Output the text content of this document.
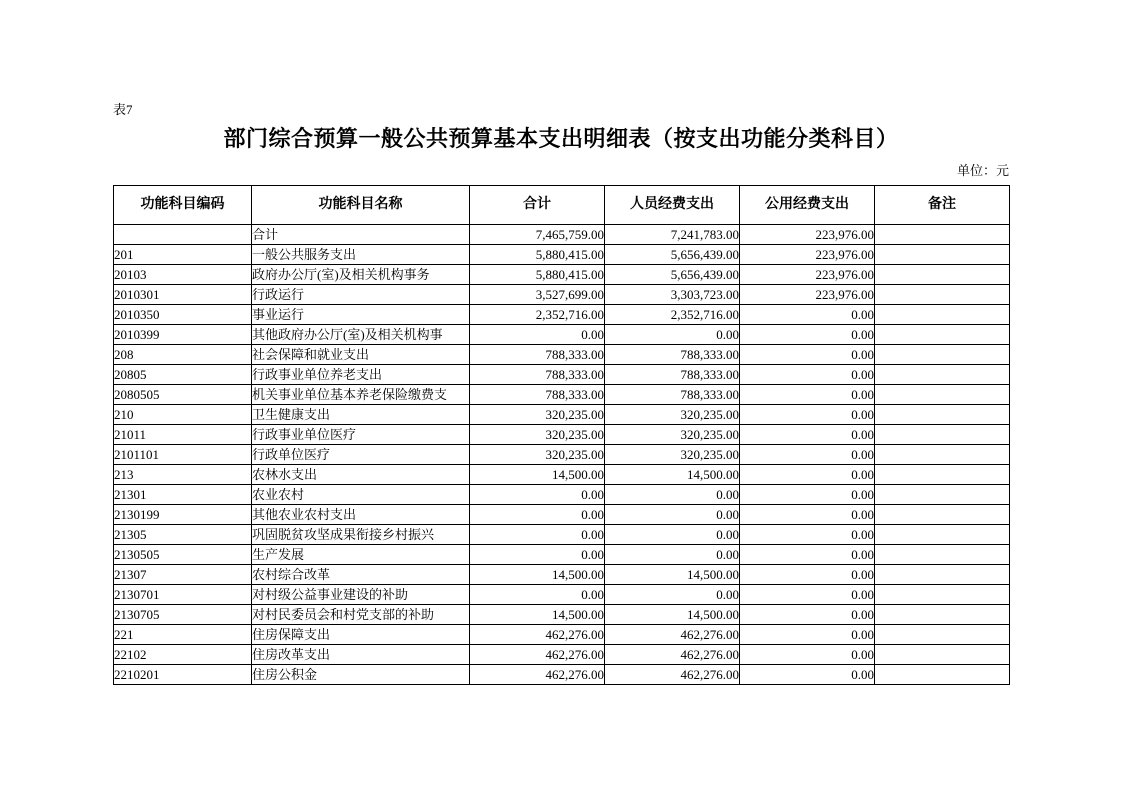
表7
部门综合预算一般公共预算基本支出明细表（按支出功能分类科目）
单位：元
功能科目编码	功能科目名称	合计	人员经费支出	公用经费支出	备注
	合计	7,465,759.00	7,241,783.00	223,976.00	
201	一般公共服务支出	5,880,415.00	5,656,439.00	223,976.00	
20103	政府办公厅(室)及相关机构事务	5,880,415.00	5,656,439.00	223,976.00	
2010301	行政运行	3,527,699.00	3,303,723.00	223,976.00	
2010350	事业运行	2,352,716.00	2,352,716.00	0.00	
2010399	其他政府办公厅(室)及相关机构事	0.00	0.00	0.00	
208	社会保障和就业支出	788,333.00	788,333.00	0.00	
20805	行政事业单位养老支出	788,333.00	788,333.00	0.00	
2080505	机关事业单位基本养老保险缴费支	788,333.00	788,333.00	0.00	
210	卫生健康支出	320,235.00	320,235.00	0.00	
21011	行政事业单位医疗	320,235.00	320,235.00	0.00	
2101101	行政单位医疗	320,235.00	320,235.00	0.00	
213	农林水支出	14,500.00	14,500.00	0.00	
21301	农业农村	0.00	0.00	0.00	
2130199	其他农业农村支出	0.00	0.00	0.00	
21305	巩固脱贫攻坚成果衔接乡村振兴	0.00	0.00	0.00	
2130505	生产发展	0.00	0.00	0.00	
21307	农村综合改革	14,500.00	14,500.00	0.00	
2130701	对村级公益事业建设的补助	0.00	0.00	0.00	
2130705	对村民委员会和村党支部的补助	14,500.00	14,500.00	0.00	
221	住房保障支出	462,276.00	462,276.00	0.00	
22102	住房改革支出	462,276.00	462,276.00	0.00	
2210201	住房公积金	462,276.00	462,276.00	0.00	
